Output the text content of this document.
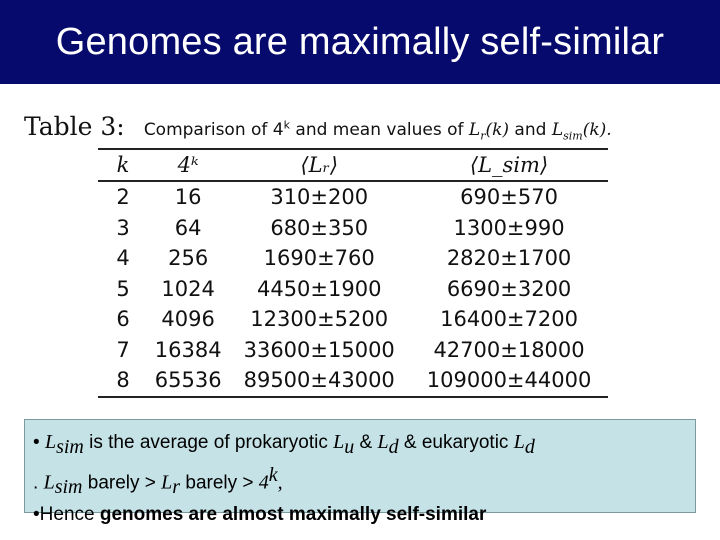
Genomes are maximally self-similar
Table 3: Comparison of 4$^k$ and mean values of $L_r(k)$ and $L_{sim}(k)$.
k	4ᵏ	⟨Lᵣ⟩	⟨L_sim⟩
2	16	310±200	690±570
3	64	680±350	1300±990
4	256	1690±760	2820±1700
5	1024	4450±1900	6690±3200
6	4096	12300±5200	16400±7200
7	16384	33600±15000	42700±18000
8	65536	89500±43000	109000±44000
• $L_{sim}$ is the average of prokaryotic $L_u$ & $L_d$ & eukaryotic $L_d$
. $L_{sim}$ barely > $L_r$ barely > $4^k$,
•Hence genomes are almost maximally self-similar
